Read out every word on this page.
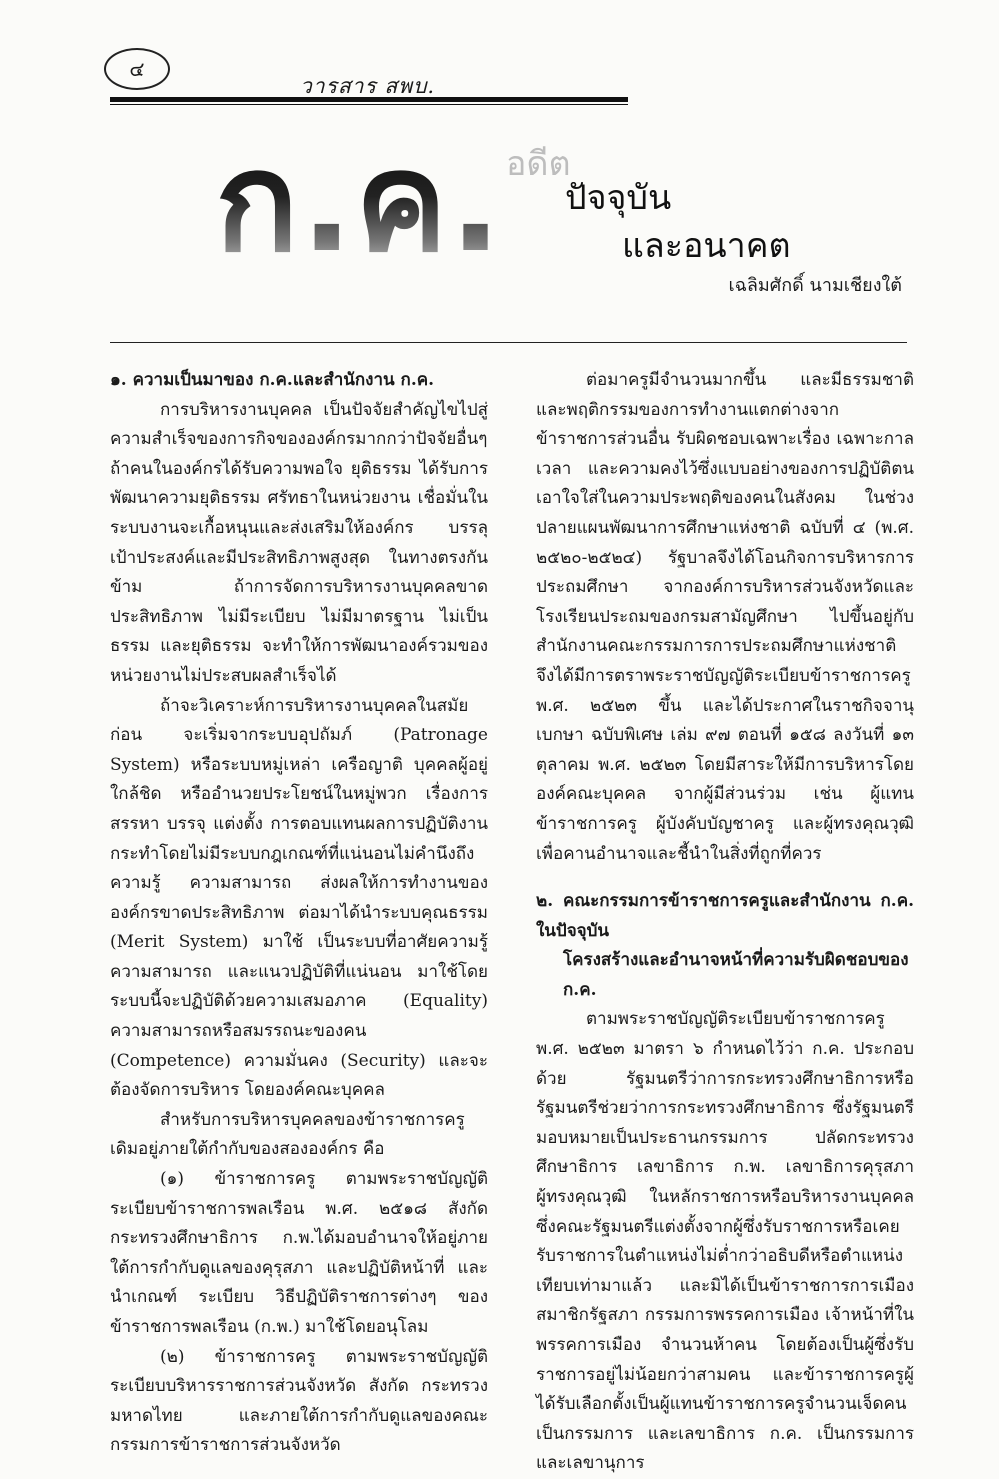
๔
วารสาร สพบ.
ก.ค. อดีต
ปัจจุบัน
และอนาคต
เฉลิมศักดิ์ นามเชียงใต้

๑. ความเป็นมาของ ก.ค.และสำนักงาน ก.ค.

การบริหารงานบุคคล เป็นปัจจัยสำคัญไขไปสู่ความสำเร็จของการกิจขององค์กรมากกว่าปัจจัยอื่นๆ ถ้าคนในองค์กรได้รับความพอใจ ยุติธรรม ได้รับการพัฒนาความยุติธรรม ศรัทธาในหน่วยงาน เชื่อมั่นในระบบงานจะเกื้อหนุนและส่งเสริมให้องค์กร บรรลุเป้าประสงค์และมีประสิทธิภาพสูงสุด ในทางตรงกันข้าม ถ้าการจัดการบริหารงานบุคคลขาดประสิทธิภาพ ไม่มีระเบียบ ไม่มีมาตรฐาน ไม่เป็นธรรม และยุติธรรม จะทำให้การพัฒนาองค์รวมของหน่วยงานไม่ประสบผลสำเร็จได้

ถ้าจะวิเคราะห์การบริหารงานบุคคลในสมัยก่อน จะเริ่มจากระบบอุปถัมภ์ (Patronage System) หรือระบบหมู่เหล่า เครือญาติ บุคคลผู้อยู่ใกล้ชิด หรืออำนวยประโยชน์ในหมู่พวก เรื่องการสรรหา บรรจุ แต่งตั้ง การตอบแทนผลการปฏิบัติงาน กระทำโดยไม่มีระบบกฎเกณฑ์ที่แน่นอนไม่คำนึงถึงความรู้ ความสามารถ ส่งผลให้การทำงานขององค์กรขาดประสิทธิภาพ ต่อมาได้นำระบบคุณธรรม (Merit System) มาใช้ เป็นระบบที่อาศัยความรู้ความสามารถ และแนวปฏิบัติที่แน่นอน มาใช้โดยระบบนี้จะปฏิบัติด้วยความเสมอภาค (Equality) ความสามารถหรือสมรรถนะของคน (Competence) ความมั่นคง (Security) และจะต้องจัดการบริหาร โดยองค์คณะบุคคล

สำหรับการบริหารบุคคลของข้าราชการครู เดิมอยู่ภายใต้กำกับของสององค์กร คือ

(๑) ข้าราชการครู ตามพระราชบัญญัติระเบียบข้าราชการพลเรือน พ.ศ. ๒๕๑๘ สังกัด กระทรวงศึกษาธิการ ก.พ.ได้มอบอำนาจให้อยู่ภายใต้การกำกับดูแลของคุรุสภา และปฏิบัติหน้าที่ และนำเกณฑ์ ระเบียบ วิธีปฏิบัติราชการต่างๆ ของข้าราชการพลเรือน (ก.พ.) มาใช้โดยอนุโลม

(๒) ข้าราชการครู ตามพระราชบัญญัติระเบียบบริหารราชการส่วนจังหวัด สังกัด กระทรวงมหาดไทย และภายใต้การกำกับดูแลของคณะกรรมการข้าราชการส่วนจังหวัด

ต่อมาครูมีจำนวนมากขึ้น และมีธรรมชาติและพฤติกรรมของการทำงานแตกต่างจากข้าราชการส่วนอื่น รับผิดชอบเฉพาะเรื่อง เฉพาะกาลเวลา และความคงไว้ซึ่งแบบอย่างของการปฏิบัติตน เอาใจใส่ในความประพฤติของคนในสังคม ในช่วงปลายแผนพัฒนาการศึกษาแห่งชาติ ฉบับที่ ๔ (พ.ศ. ๒๕๒๐-๒๕๒๔) รัฐบาลจึงได้โอนกิจการบริหารการประถมศึกษา จากองค์การบริหารส่วนจังหวัดและโรงเรียนประถมของกรมสามัญศึกษา ไปขึ้นอยู่กับสำนักงานคณะกรรมการการประถมศึกษาแห่งชาติ จึงได้มีการตราพระราชบัญญัติระเบียบข้าราชการครู พ.ศ. ๒๕๒๓ ขึ้น และได้ประกาศในราชกิจจานุเบกษา ฉบับพิเศษ เล่ม ๙๗ ตอนที่ ๑๕๘ ลงวันที่ ๑๓ ตุลาคม พ.ศ. ๒๕๒๓ โดยมีสาระให้มีการบริหารโดยองค์คณะบุคคล จากผู้มีส่วนร่วม เช่น ผู้แทนข้าราชการครู ผู้บังคับบัญชาครู และผู้ทรงคุณวุฒิ เพื่อคานอำนาจและชี้นำในสิ่งที่ถูกที่ควร

๒. คณะกรรมการข้าราชการครูและสำนักงาน ก.ค. ในปัจจุบัน

โครงสร้างและอำนาจหน้าที่ความรับผิดชอบของ ก.ค.

ตามพระราชบัญญัติระเบียบข้าราชการครู พ.ศ. ๒๕๒๓ มาตรา ๖ กำหนดไว้ว่า ก.ค. ประกอบด้วย รัฐมนตรีว่าการกระทรวงศึกษาธิการหรือรัฐมนตรีช่วยว่าการกระทรวงศึกษาธิการ ซึ่งรัฐมนตรีมอบหมายเป็นประธานกรรมการ ปลัดกระทรวงศึกษาธิการ เลขาธิการ ก.พ. เลขาธิการคุรุสภา ผู้ทรงคุณวุฒิ ในหลักราชการหรือบริหารงานบุคคล ซึ่งคณะรัฐมนตรีแต่งตั้งจากผู้ซึ่งรับราชการหรือเคยรับราชการในตำแหน่งไม่ต่ำกว่าอธิบดีหรือตำแหน่งเทียบเท่ามาแล้ว และมิได้เป็นข้าราชการการเมือง สมาชิกรัฐสภา กรรมการพรรคการเมือง เจ้าหน้าที่ในพรรคการเมือง จำนวนห้าคน โดยต้องเป็นผู้ซึ่งรับราชการอยู่ไม่น้อยกว่าสามคน และข้าราชการครูผู้ได้รับเลือกตั้งเป็นผู้แทนข้าราชการครูจำนวนเจ็ดคนเป็นกรรมการ และเลขาธิการ ก.ค. เป็นกรรมการและเลขานุการ
